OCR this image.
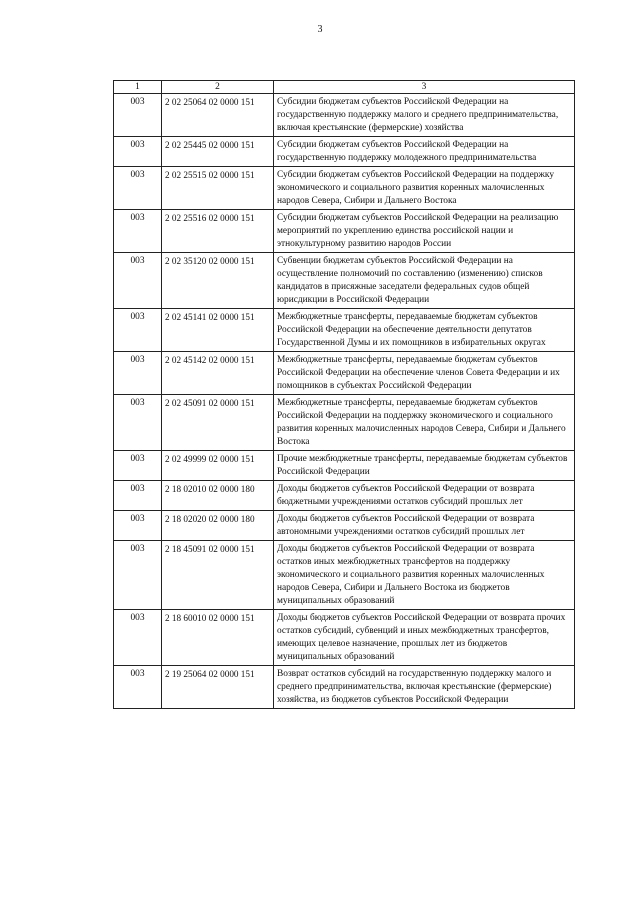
3
1	2	3
003	2 02 25064 02 0000 151	Субсидии бюджетам субъектов Российской Федерации на государственную поддержку малого и среднего предпринимательства, включая крестьянские (фермерские) хозяйства
003	2 02 25445 02 0000 151	Субсидии бюджетам субъектов Российской Федерации на государственную поддержку молодежного предпринимательства
003	2 02 25515 02 0000 151	Субсидии бюджетам субъектов Российской Федерации на поддержку экономического и социального развития коренных малочисленных народов Севера, Сибири и Дальнего Востока
003	2 02 25516 02 0000 151	Субсидии бюджетам субъектов Российской Федерации на реализацию мероприятий по укреплению единства российской нации и этнокультурному развитию народов России
003	2 02 35120 02 0000 151	Субвенции бюджетам субъектов Российской Федерации на осуществление полномочий по составлению (изменению) списков кандидатов в присяжные заседатели федеральных судов общей юрисдикции в Российской Федерации
003	2 02 45141 02 0000 151	Межбюджетные трансферты, передаваемые бюджетам субъектов Российской Федерации на обеспечение деятельности депутатов Государственной Думы и их помощников в избирательных округах
003	2 02 45142 02 0000 151	Межбюджетные трансферты, передаваемые бюджетам субъектов Российской Федерации на обеспечение членов Совета Федерации и их помощников в субъектах Российской Федерации
003	2 02 45091 02 0000 151	Межбюджетные трансферты, передаваемые бюджетам субъектов Российской Федерации на поддержку экономического и социального развития коренных малочисленных народов Севера, Сибири и Дальнего Востока
003	2 02 49999 02 0000 151	Прочие межбюджетные трансферты, передаваемые бюджетам субъектов Российской Федерации
003	2 18 02010 02 0000 180	Доходы бюджетов субъектов Российской Федерации от возврата бюджетными учреждениями остатков субсидий прошлых лет
003	2 18 02020 02 0000 180	Доходы бюджетов субъектов Российской Федерации от возврата автономными учреждениями остатков субсидий прошлых лет
003	2 18 45091 02 0000 151	Доходы бюджетов субъектов Российской Федерации от возврата остатков иных межбюджетных трансфертов на поддержку экономического и социального развития коренных малочисленных народов Севера, Сибири и Дальнего Востока из бюджетов муниципальных образований
003	2 18 60010 02 0000 151	Доходы бюджетов субъектов Российской Федерации от возврата прочих остатков субсидий, субвенций и иных межбюджетных трансфертов, имеющих целевое назначение, прошлых лет из бюджетов муниципальных образований
003	2 19 25064 02 0000 151	Возврат остатков субсидий на государственную поддержку малого и среднего предпринимательства, включая крестьянские (фермерские) хозяйства, из бюджетов субъектов Российской Федерации
